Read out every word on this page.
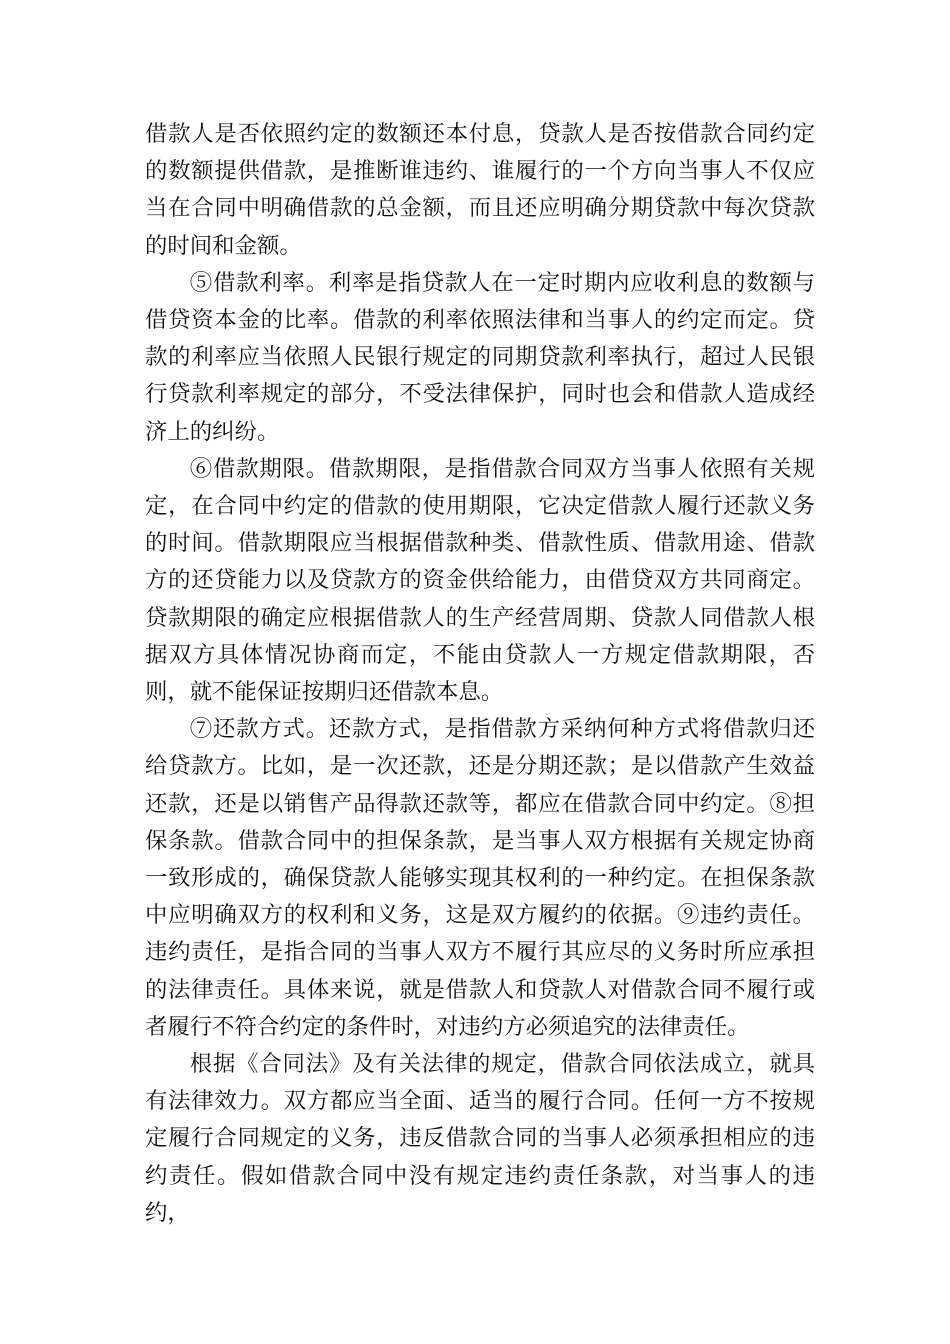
借款人是否依照约定的数额还本付息，贷款人是否按借款合同约定的数额提供借款，是推断谁违约、谁履行的一个方向当事人不仅应当在合同中明确借款的总金额，而且还应明确分期贷款中每次贷款的时间和金额。

⑤借款利率。利率是指贷款人在一定时期内应收利息的数额与借贷资本金的比率。借款的利率依照法律和当事人的约定而定。贷款的利率应当依照人民银行规定的同期贷款利率执行，超过人民银行贷款利率规定的部分，不受法律保护，同时也会和借款人造成经济上的纠纷。

⑥借款期限。借款期限，是指借款合同双方当事人依照有关规定，在合同中约定的借款的使用期限，它决定借款人履行还款义务的时间。借款期限应当根据借款种类、借款性质、借款用途、借款方的还贷能力以及贷款方的资金供给能力，由借贷双方共同商定。贷款期限的确定应根据借款人的生产经营周期、贷款人同借款人根据双方具体情况协商而定，不能由贷款人一方规定借款期限，否则，就不能保证按期归还借款本息。

⑦还款方式。还款方式，是指借款方采纳何种方式将借款归还给贷款方。比如，是一次还款，还是分期还款；是以借款产生效益还款，还是以销售产品得款还款等，都应在借款合同中约定。⑧担保条款。借款合同中的担保条款，是当事人双方根据有关规定协商一致形成的，确保贷款人能够实现其权利的一种约定。在担保条款中应明确双方的权利和义务，这是双方履约的依据。⑨违约责任。违约责任，是指合同的当事人双方不履行其应尽的义务时所应承担的法律责任。具体来说，就是借款人和贷款人对借款合同不履行或者履行不符合约定的条件时，对违约方必须追究的法律责任。

根据《合同法》及有关法律的规定，借款合同依法成立，就具有法律效力。双方都应当全面、适当的履行合同。任何一方不按规定履行合同规定的义务，违反借款合同的当事人必须承担相应的违约责任。假如借款合同中没有规定违约责任条款，对当事人的违约，
